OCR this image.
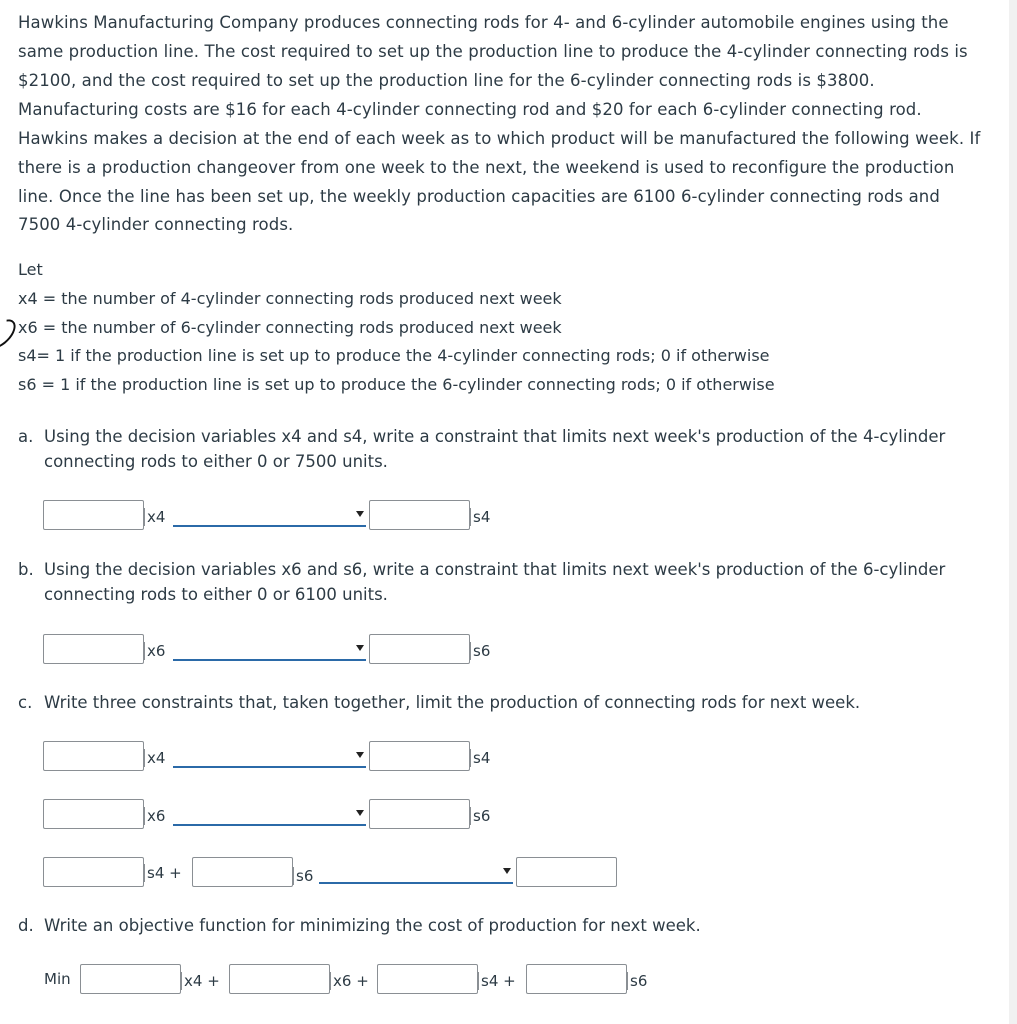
Hawkins Manufacturing Company produces connecting rods for 4- and 6-cylinder automobile engines using the
same production line. The cost required to set up the production line to produce the 4-cylinder connecting rods is
$2100, and the cost required to set up the production line for the 6-cylinder connecting rods is $3800.
Manufacturing costs are $16 for each 4-cylinder connecting rod and $20 for each 6-cylinder connecting rod.
Hawkins makes a decision at the end of each week as to which product will be manufactured the following week. If
there is a production changeover from one week to the next, the weekend is used to reconfigure the production
line. Once the line has been set up, the weekly production capacities are 6100 6-cylinder connecting rods and
7500 4-cylinder connecting rods.
Let
x4 = the number of 4-cylinder connecting rods produced next week
x6 = the number of 6-cylinder connecting rods produced next week
s4= 1 if the production line is set up to produce the 4-cylinder connecting rods; 0 if otherwise
s6 = 1 if the production line is set up to produce the 6-cylinder connecting rods; 0 if otherwise
a. Using the decision variables x4 and s4, write a constraint that limits next week's production of the 4-cylinder
connecting rods to either 0 or 7500 units.
x4	s4
b. Using the decision variables x6 and s6, write a constraint that limits next week's production of the 6-cylinder
connecting rods to either 0 or 6100 units.
x6	s6
c. Write three constraints that, taken together, limit the production of connecting rods for next week.
x4	s4
x6	s6
s4 +	s6
d. Write an objective function for minimizing the cost of production for next week.
Min	x4 +	x6 +	s4 +	s6
